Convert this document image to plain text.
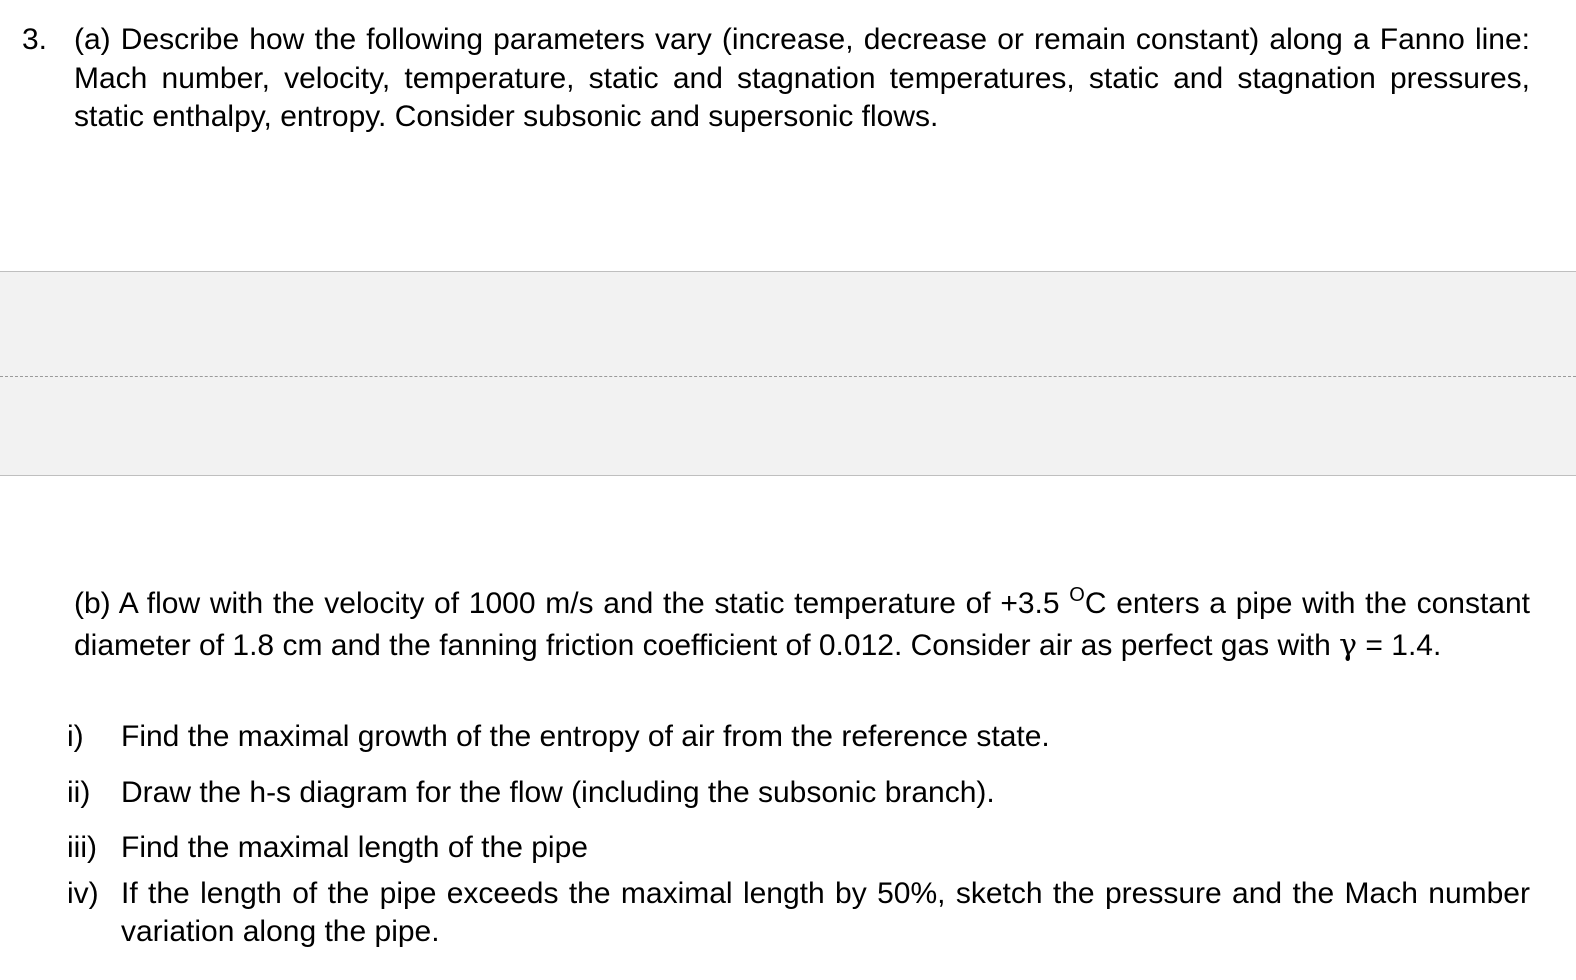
3. (a) Describe how the following parameters vary (increase, decrease or remain constant) along a Fanno line: Mach number, velocity, temperature, static and stagnation temperatures, static and stagnation pressures, static enthalpy, entropy. Consider subsonic and supersonic flows.

(b) A flow with the velocity of 1000 m/s and the static temperature of +3.5 $^O$C enters a pipe with the constant diameter of 1.8 cm and the fanning friction coefficient of 0.012. Consider air as perfect gas with γ = 1.4.

i) Find the maximal growth of the entropy of air from the reference state.
ii) Draw the h-s diagram for the flow (including the subsonic branch).
iii) Find the maximal length of the pipe
iv) If the length of the pipe exceeds the maximal length by 50%, sketch the pressure and the Mach number variation along the pipe.
